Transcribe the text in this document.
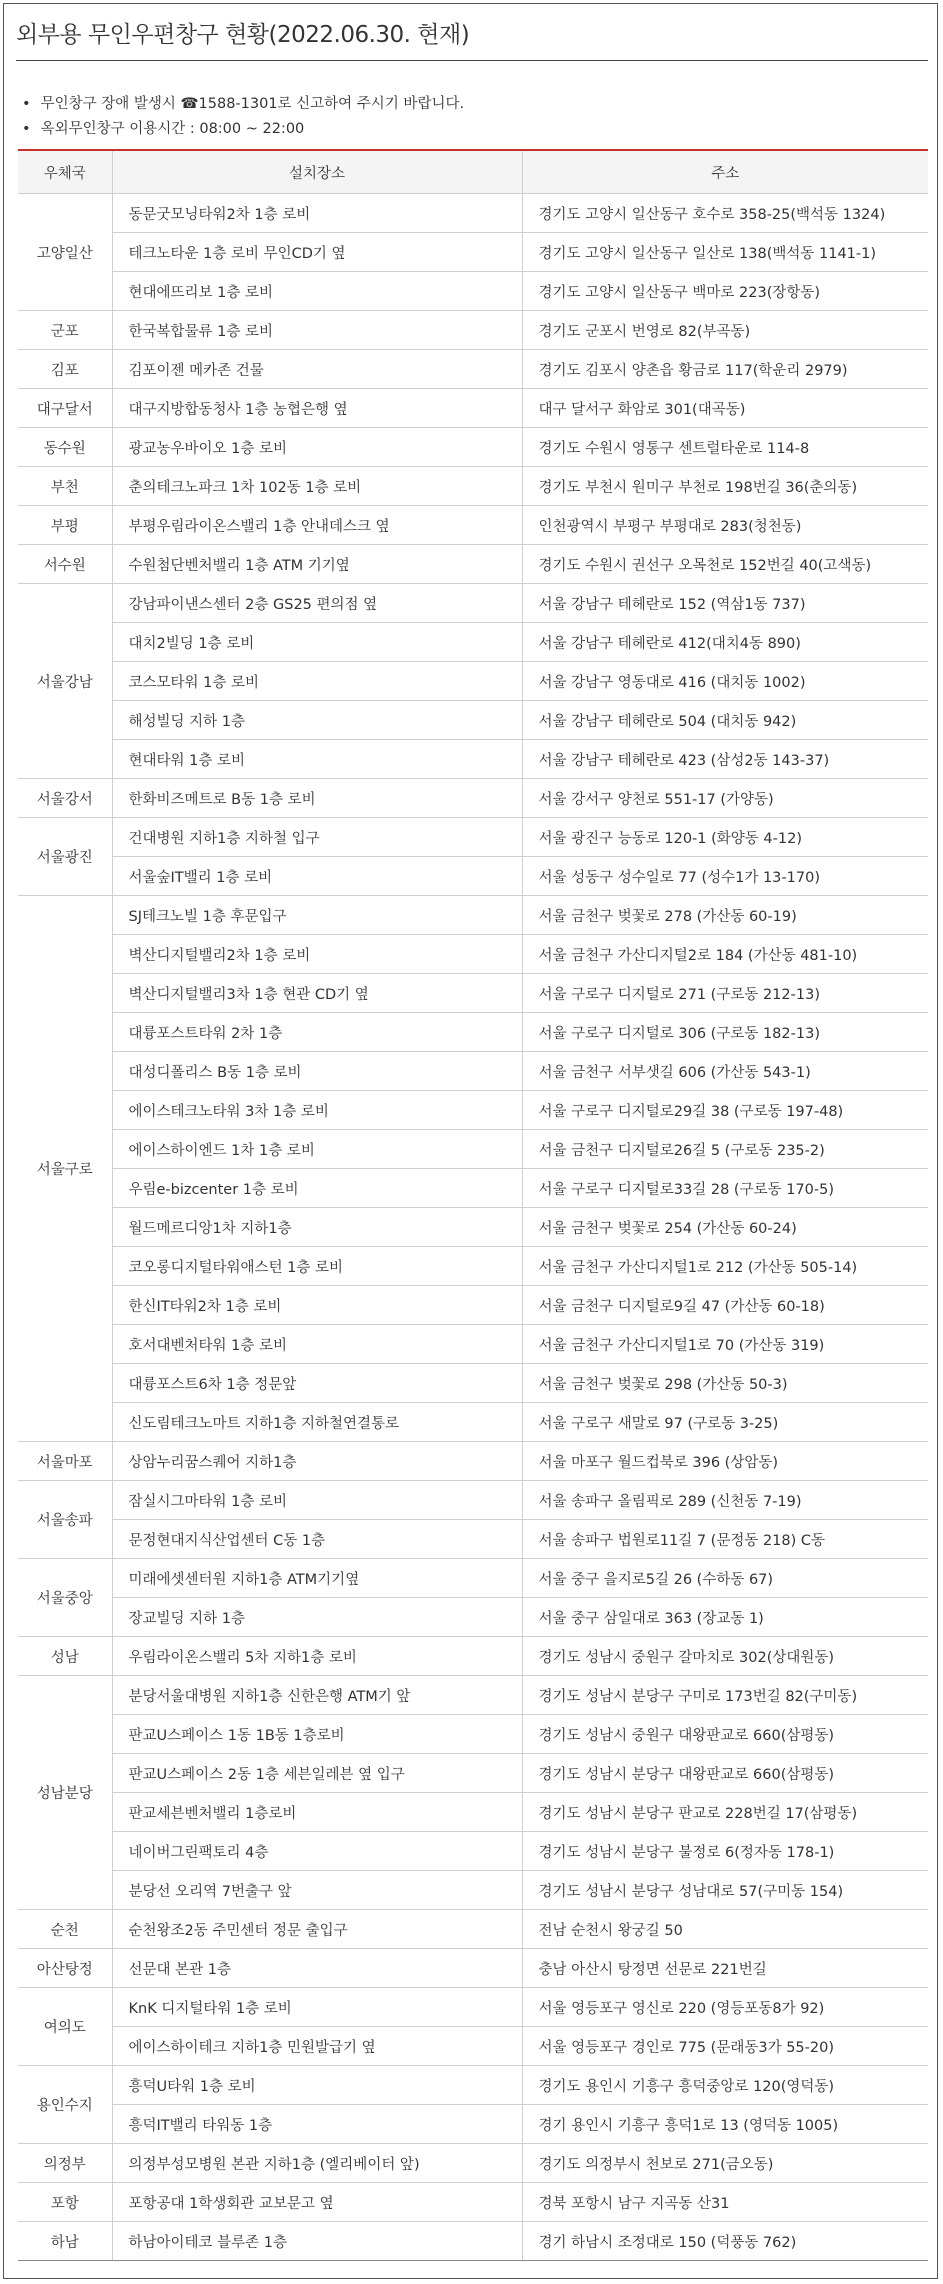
외부용 무인우편창구 현황(2022.06.30. 현재)
• 무인창구 장애 발생시 ☎1588-1301로 신고하여 주시기 바랍니다.
• 옥외무인창구 이용시간 : 08:00 ~ 22:00
우체국	설치장소	주소
고양일산	동문굿모닝타워2차 1층 로비	경기도 고양시 일산동구 호수로 358-25(백석동 1324)
	테크노타운 1층 로비 무인CD기 옆	경기도 고양시 일산동구 일산로 138(백석동 1141-1)
	현대에뜨리보 1층 로비	경기도 고양시 일산동구 백마로 223(장항동)
군포	한국복합물류 1층 로비	경기도 군포시 번영로 82(부곡동)
김포	김포이젠 메카존 건물	경기도 김포시 양촌읍 황금로 117(학운리 2979)
대구달서	대구지방합동청사 1층 농협은행 옆	대구 달서구 화암로 301(대곡동)
동수원	광교농우바이오 1층 로비	경기도 수원시 영통구 센트럴타운로 114-8
부천	춘의테크노파크 1차 102동 1층 로비	경기도 부천시 원미구 부천로 198번길 36(춘의동)
부평	부평우림라이온스밸리 1층 안내데스크 옆	인천광역시 부평구 부평대로 283(청천동)
서수원	수원첨단벤처밸리 1층 ATM 기기옆	경기도 수원시 권선구 오목천로 152번길 40(고색동)
서울강남	강남파이낸스센터 2층 GS25 편의점 옆	서울 강남구 테헤란로 152 (역삼1동 737)
	대치2빌딩 1층 로비	서울 강남구 테헤란로 412(대치4동 890)
	코스모타워 1층 로비	서울 강남구 영동대로 416 (대치동 1002)
	해성빌딩 지하 1층	서울 강남구 테헤란로 504 (대치동 942)
	현대타워 1층 로비	서울 강남구 테헤란로 423 (삼성2동 143-37)
서울강서	한화비즈메트로 B동 1층 로비	서울 강서구 양천로 551-17 (가양동)
서울광진	건대병원 지하1층 지하철 입구	서울 광진구 능동로 120-1 (화양동 4-12)
	서울숲IT밸리 1층 로비	서울 성동구 성수일로 77 (성수1가 13-170)
서울구로	SJ테크노빌 1층 후문입구	서울 금천구 벚꽃로 278 (가산동 60-19)
	벽산디지털밸리2차 1층 로비	서울 금천구 가산디지털2로 184 (가산동 481-10)
	벽산디지털밸리3차 1층 현관 CD기 옆	서울 구로구 디지털로 271 (구로동 212-13)
	대륭포스트타워 2차 1층	서울 구로구 디지털로 306 (구로동 182-13)
	대성디폴리스 B동 1층 로비	서울 금천구 서부샛길 606 (가산동 543-1)
	에이스테크노타워 3차 1층 로비	서울 구로구 디지털로29길 38 (구로동 197-48)
	에이스하이엔드 1차 1층 로비	서울 금천구 디지털로26길 5 (구로동 235-2)
	우림e-bizcenter 1층 로비	서울 구로구 디지털로33길 28 (구로동 170-5)
	월드메르디앙1차 지하1층	서울 금천구 벚꽃로 254 (가산동 60-24)
	코오롱디지털타워애스턴 1층 로비	서울 금천구 가산디지털1로 212 (가산동 505-14)
	한신IT타워2차 1층 로비	서울 금천구 디지털로9길 47 (가산동 60-18)
	호서대벤처타워 1층 로비	서울 금천구 가산디지털1로 70 (가산동 319)
	대륭포스트6차 1층 정문앞	서울 금천구 벚꽃로 298 (가산동 50-3)
	신도림테크노마트 지하1층 지하철연결통로	서울 구로구 새말로 97 (구로동 3-25)
서울마포	상암누리꿈스퀘어 지하1층	서울 마포구 월드컵북로 396 (상암동)
서울송파	잠실시그마타워 1층 로비	서울 송파구 올림픽로 289 (신천동 7-19)
	문정현대지식산업센터 C동 1층	서울 송파구 법원로11길 7 (문정동 218) C동
서울중앙	미래에셋센터원 지하1층 ATM기기옆	서울 중구 을지로5길 26 (수하동 67)
	장교빌딩 지하 1층	서울 중구 삼일대로 363 (장교동 1)
성남	우림라이온스밸리 5차 지하1층 로비	경기도 성남시 중원구 갈마치로 302(상대원동)
성남분당	분당서울대병원 지하1층 신한은행 ATM기 앞	경기도 성남시 분당구 구미로 173번길 82(구미동)
	판교U스페이스 1동 1B동 1층로비	경기도 성남시 중원구 대왕판교로 660(삼평동)
	판교U스페이스 2동 1층 세븐일레븐 옆 입구	경기도 성남시 분당구 대왕판교로 660(삼평동)
	판교세븐벤처밸리 1층로비	경기도 성남시 분당구 판교로 228번길 17(삼평동)
	네이버그린팩토리 4층	경기도 성남시 분당구 불정로 6(정자동 178-1)
	분당선 오리역 7번출구 앞	경기도 성남시 분당구 성남대로 57(구미동 154)
순천	순천왕조2동 주민센터 정문 출입구	전남 순천시 왕궁길 50
아산탕정	선문대 본관 1층	충남 아산시 탕정면 선문로 221번길
여의도	KnK 디지털타워 1층 로비	서울 영등포구 영신로 220 (영등포동8가 92)
	에이스하이테크 지하1층 민원발급기 옆	서울 영등포구 경인로 775 (문래동3가 55-20)
용인수지	흥덕U타워 1층 로비	경기도 용인시 기흥구 흥덕중앙로 120(영덕동)
	흥덕IT밸리 타워동 1층	경기 용인시 기흥구 흥덕1로 13 (영덕동 1005)
의정부	의정부성모병원 본관 지하1층 (엘리베이터 앞)	경기도 의정부시 천보로 271(금오동)
포항	포항공대 1학생회관 교보문고 옆	경북 포항시 남구 지곡동 산31
하남	하남아이테코 블루존 1층	경기 하남시 조정대로 150 (덕풍동 762)
